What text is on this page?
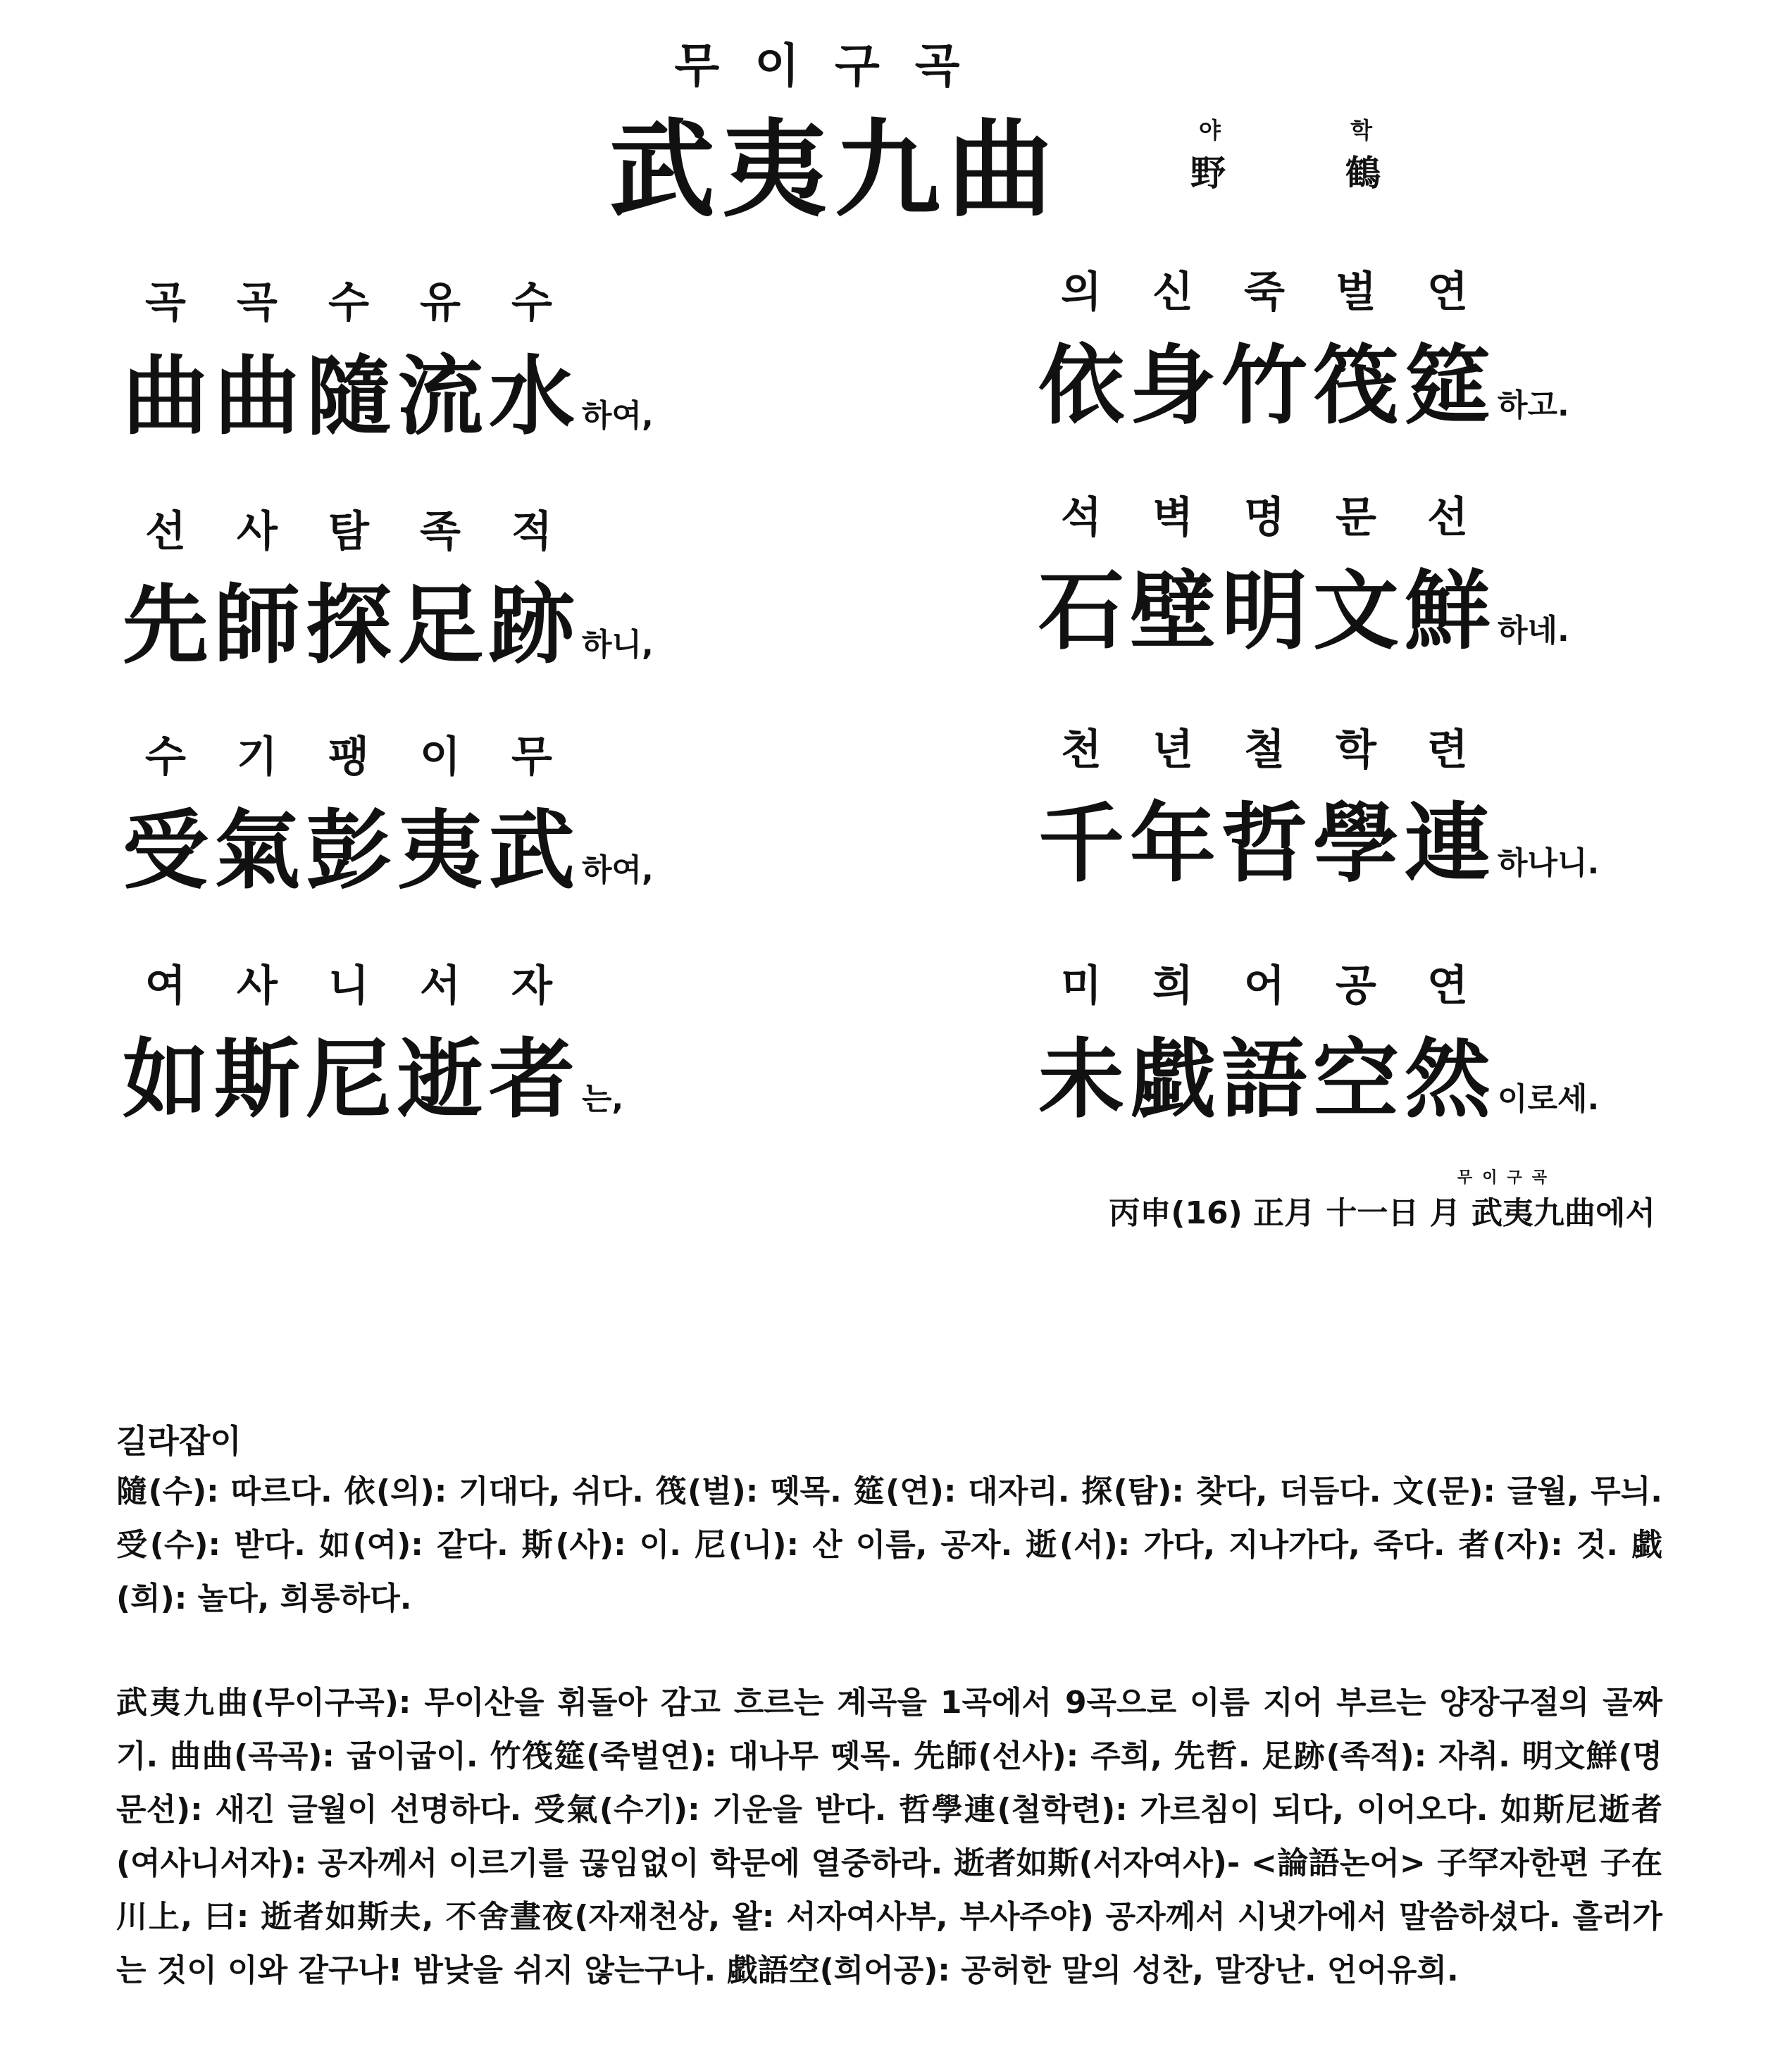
무이구곡
武夷九曲	야	학
野	鶴
곡	곡	수	유	수
曲 曲 隨 流 水 하여,
의	신	죽	벌	연
依 身 竹 筏 筵 하고.
선	사	탐	족	적
先 師 探 足 跡 하니,
석	벽	명	문	선
石 壁 明 文 鮮 하네.
수	기	팽	이	무
受 氣 彭 夷 武 하여,
천	년	철	학	련
千 年 哲 學 連 하나니.
여	사	니	서	자
如 斯 尼 逝 者 는,
미	희	어	공	연
未 戱 語 空 然 이로세.
무이구곡
丙申(16) 正月 十一日 月 武夷九曲에서
길라잡이

隨(수): 따르다. 依(의): 기대다, 쉬다. 筏(벌): 뗏목. 筵(연): 대자리. 探(탐): 찾다, 더듬다. 文(문): 글월, 무늬. 受(수): 받다. 如(여): 같다. 斯(사): 이. 尼(니): 산 이름, 공자. 逝(서): 가다, 지나가다, 죽다. 者(자): 것. 戱(희): 놀다, 희롱하다.

武夷九曲(무이구곡): 무이산을 휘돌아 감고 흐르는 계곡을 1곡에서 9곡으로 이름 지어 부르는 양장구절의 골짜기. 曲曲(곡곡): 굽이굽이. 竹筏筵(죽벌연): 대나무 뗏목. 先師(선사): 주희, 先哲. 足跡(족적): 자취. 明文鮮(명문선): 새긴 글월이 선명하다. 受氣(수기): 기운을 받다. 哲學連(철학련): 가르침이 되다, 이어오다. 如斯尼逝者(여사니서자): 공자께서 이르기를 끊임없이 학문에 열중하라. 逝者如斯(서자여사)- <論語논어> 子罕자한편 子在川上, 曰: 逝者如斯夫, 不舍晝夜(자재천상, 왈: 서자여사부, 부사주야) 공자께서 시냇가에서 말씀하셨다. 흘러가는 것이 이와 같구나! 밤낮을 쉬지 않는구나. 戱語空(희어공): 공허한 말의 성찬, 말장난. 언어유희.
